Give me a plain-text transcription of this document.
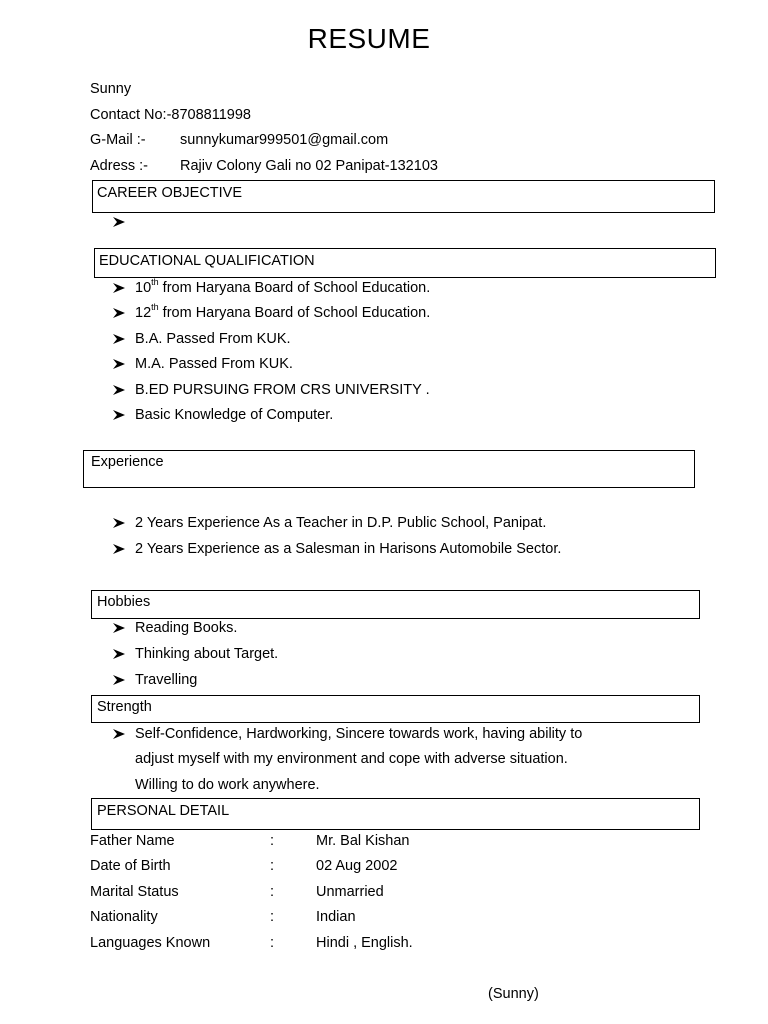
RESUME
Sunny
Contact No:-8708811998
G-Mail :- sunnykumar999501@gmail.com
Adress :- Rajiv Colony Gali no 02 Panipat-132103
CAREER OBJECTIVE
EDUCATIONAL QUALIFICATION
10th from Haryana Board of School Education.
12th from Haryana Board of School Education.
B.A. Passed From KUK.
M.A. Passed From KUK.
B.ED PURSUING FROM CRS UNIVERSITY .
Basic Knowledge of Computer.
Experience
2 Years Experience As a Teacher in D.P. Public School, Panipat.
2 Years Experience as a Salesman in Harisons Automobile Sector.
Hobbies
Reading Books.
Thinking about Target.
Travelling
Strength
Self-Confidence, Hardworking, Sincere towards work, having ability to
adjust myself with my environment and cope with adverse situation.
Willing to do work anywhere.
PERSONAL DETAIL
Father Name	:	Mr. Bal Kishan
Date of Birth	:	02 Aug 2002
Marital Status	:	Unmarried
Nationality	:	Indian
Languages Known	:	Hindi , English.
(Sunny)
